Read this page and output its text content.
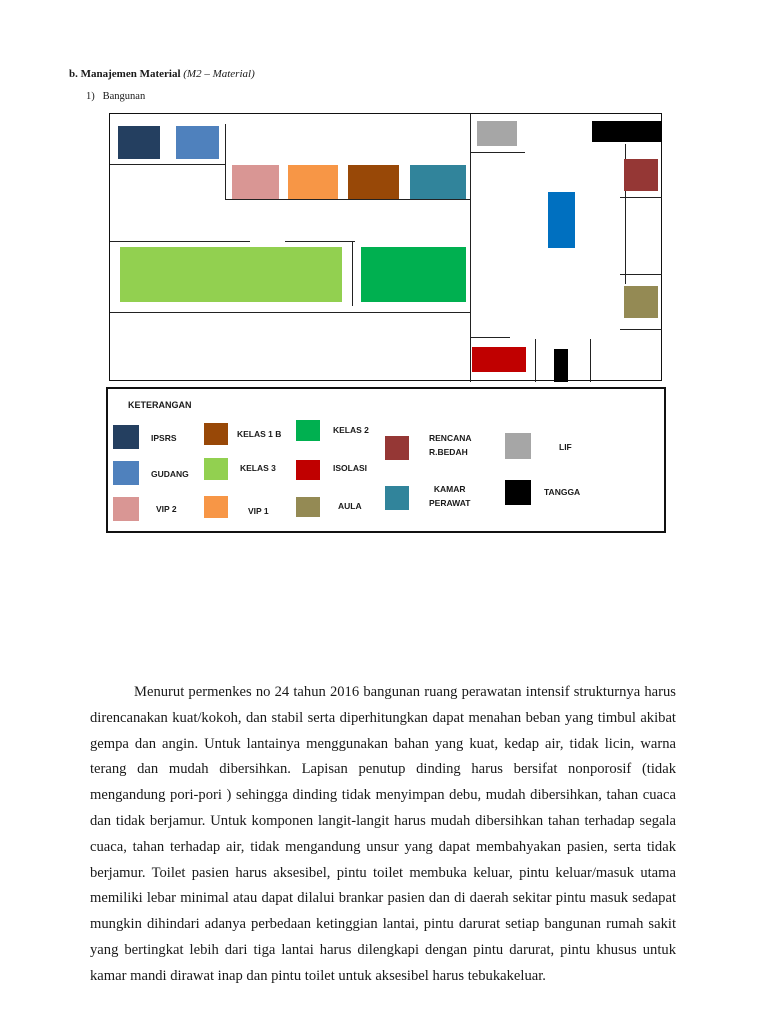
b. Manajemen Material (M2 – Material)
1)   Bangunan
KETERANGAN
IPSRS
GUDANG
VIP 2
KELAS 1 B
KELAS 3
VIP 1
KELAS 2
ISOLASI
AULA
RENCANA
R.BEDAH
KAMAR
PERAWAT
LIF
TANGGA
Menurut permenkes no 24 tahun 2016 bangunan ruang perawatan intensif strukturnya harus direncanakan kuat/kokoh, dan stabil serta diperhitungkan dapat menahan beban yang timbul akibat gempa dan angin. Untuk lantainya menggunakan bahan yang kuat, kedap air, tidak licin, warna terang dan mudah dibersihkan. Lapisan penutup dinding harus bersifat nonporosif (tidak mengandung pori-pori ) sehingga dinding tidak menyimpan debu, mudah dibersihkan, tahan cuaca dan tidak berjamur. Untuk komponen langit-langit harus mudah dibersihkan tahan terhadap segala cuaca, tahan terhadap air, tidak mengandung unsur yang dapat membahyakan pasien, serta tidak berjamur. Toilet pasien harus aksesibel, pintu toilet membuka keluar, pintu keluar/masuk utama memiliki lebar minimal atau dapat dilalui brankar pasien dan di daerah sekitar pintu masuk sedapat mungkin dihindari adanya perbedaan ketinggian lantai, pintu darurat setiap bangunan rumah sakit yang bertingkat lebih dari tiga lantai harus dilengkapi dengan pintu darurat, pintu khusus untuk kamar mandi dirawat inap dan pintu toilet untuk aksesibel harus tebukakeluar.
